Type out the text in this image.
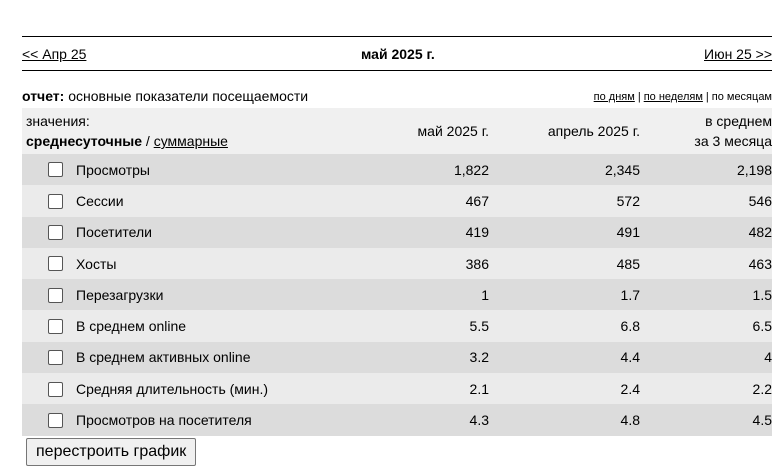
<< Апр 25	май 2025 г.	Июн 25 >>
отчет: основные показатели посещаемости	по дням | по неделям | по месяцам
значения:
среднесуточные / суммарные	май 2025 г.	апрель 2025 г.	в среднем
за 3 месяца
Просмотры	1,822	2,345	2,198
Сессии	467	572	546
Посетители	419	491	482
Хосты	386	485	463
Перезагрузки	1	1.7	1.5
В среднем online	5.5	6.8	6.5
В среднем активных online	3.2	4.4	4
Средняя длительность (мин.)	2.1	2.4	2.2
Просмотров на посетителя	4.3	4.8	4.5
перестроить график
